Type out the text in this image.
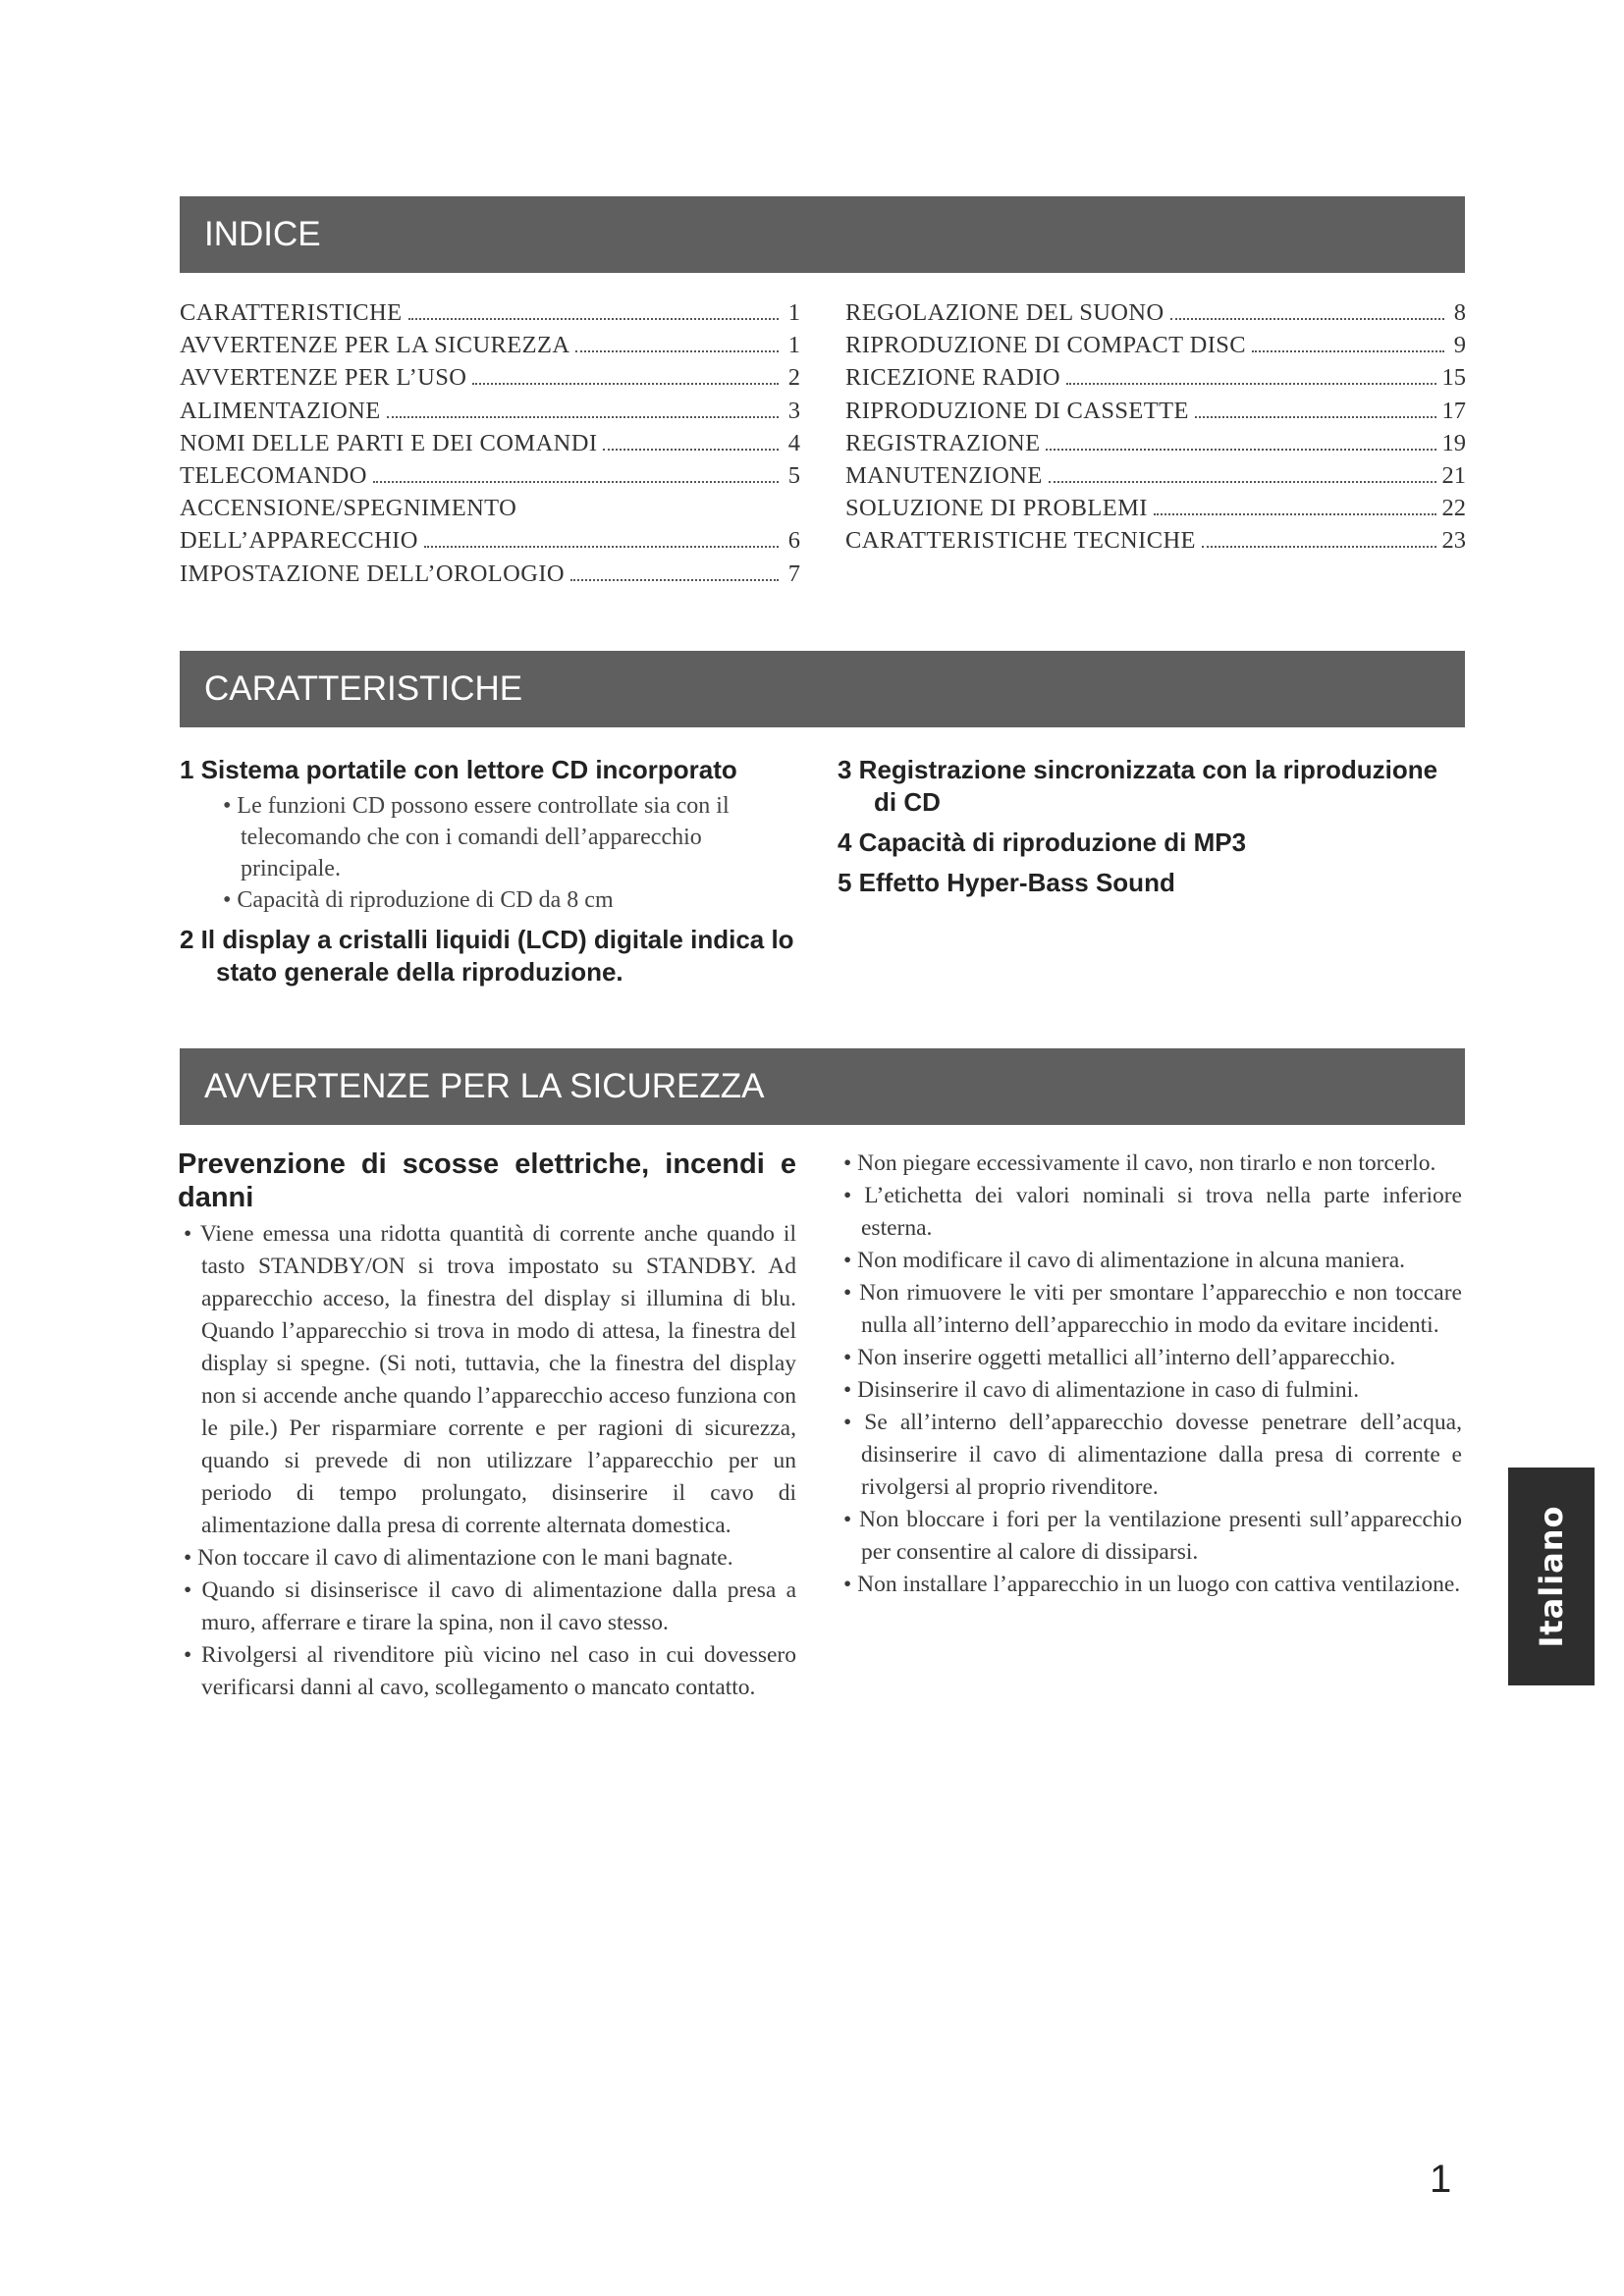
INDICE
CARATTERISTICHE	1
AVVERTENZE PER LA SICUREZZA	1
AVVERTENZE PER L’USO	2
ALIMENTAZIONE	3
NOMI DELLE PARTI E DEI COMANDI	4
TELECOMANDO	5
ACCENSIONE/SPEGNIMENTO
DELL’APPARECCHIO	6
IMPOSTAZIONE DELL’OROLOGIO	7
REGOLAZIONE DEL SUONO	8
RIPRODUZIONE DI COMPACT DISC	9
RICEZIONE RADIO	15
RIPRODUZIONE DI CASSETTE	17
REGISTRAZIONE	19
MANUTENZIONE	21
SOLUZIONE DI PROBLEMI	22
CARATTERISTICHE TECNICHE	23
CARATTERISTICHE
1 Sistema portatile con lettore CD incorporato
• Le funzioni CD possono essere controllate sia con il telecomando che con i comandi dell’apparecchio principale.
• Capacità di riproduzione di CD da 8 cm
2 Il display a cristalli liquidi (LCD) digitale indica lo stato generale della riproduzione.
3 Registrazione sincronizzata con la riproduzione di CD
4 Capacità di riproduzione di MP3
5 Effetto Hyper-Bass Sound
AVVERTENZE PER LA SICUREZZA
Prevenzione di scosse elettriche, incendi e danni
• Viene emessa una ridotta quantità di corrente anche quando il tasto STANDBY/ON si trova impostato su STANDBY. Ad apparecchio acceso, la finestra del display si illumina di blu. Quando l’apparecchio si trova in modo di attesa, la finestra del display si spegne. (Si noti, tuttavia, che la finestra del display non si accende anche quando l’apparecchio acceso funziona con le pile.) Per risparmiare corrente e per ragioni di sicurezza, quando si prevede di non utilizzare l’apparecchio per un periodo di tempo prolungato, disinserire il cavo di alimentazione dalla presa di corrente alternata domestica.
• Non toccare il cavo di alimentazione con le mani bagnate.
• Quando si disinserisce il cavo di alimentazione dalla presa a muro, afferrare e tirare la spina, non il cavo stesso.
• Rivolgersi al rivenditore più vicino nel caso in cui dovessero verificarsi danni al cavo, scollegamento o mancato contatto.
• Non piegare eccessivamente il cavo, non tirarlo e non torcerlo.
• L’etichetta dei valori nominali si trova nella parte inferiore esterna.
• Non modificare il cavo di alimentazione in alcuna maniera.
• Non rimuovere le viti per smontare l’apparecchio e non toccare nulla all’interno dell’apparecchio in modo da evitare incidenti.
• Non inserire oggetti metallici all’interno dell’apparecchio.
• Disinserire il cavo di alimentazione in caso di fulmini.
• Se all’interno dell’apparecchio dovesse penetrare dell’acqua, disinserire il cavo di alimentazione dalla presa di corrente e rivolgersi al proprio rivenditore.
• Non bloccare i fori per la ventilazione presenti sull’apparecchio per consentire al calore di dissiparsi.
• Non installare l’apparecchio in un luogo con cattiva ventilazione. Italiano
1
